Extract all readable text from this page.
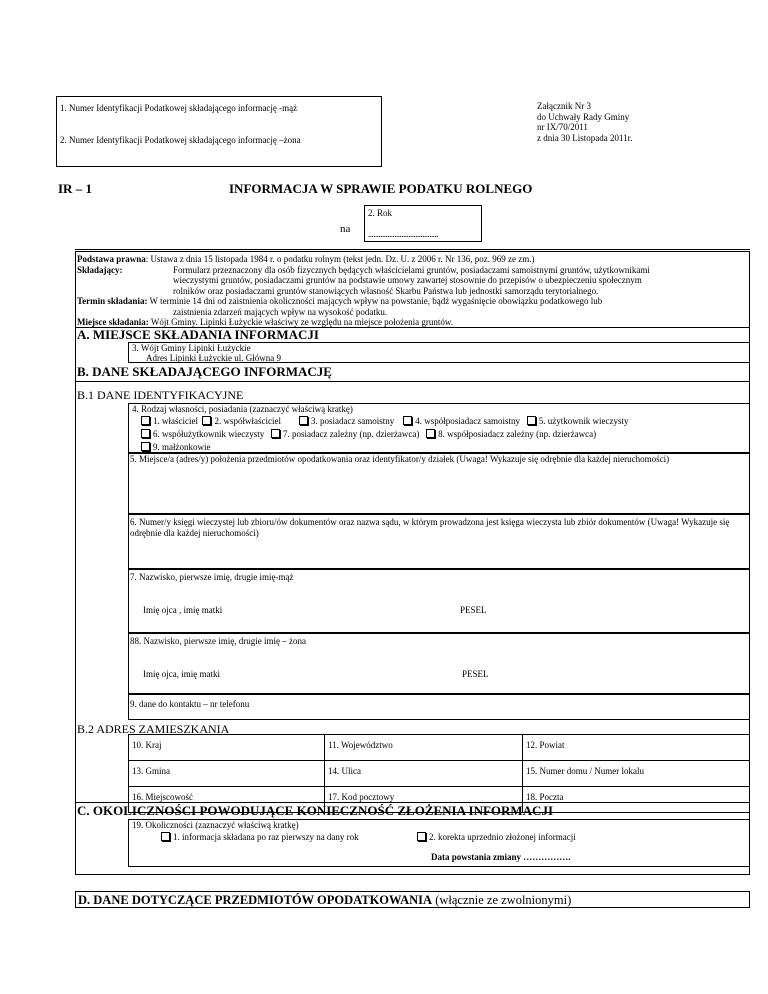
1. Numer Identyfikacji Podatkowej składającego informację -mąż
2. Numer Identyfikacji Podatkowej składającego informację –żona
Załącznik Nr 3
do Uchwały Rady Gminy
nr IX/70/2011
z dnia 30 Listopada 2011r.
IR – 1	INFORMACJA W SPRAWIE PODATKU ROLNEGO
na
2. Rok
........................................
Podstawa prawna: Ustawa z dnia 15 listopada 1984 r. o podatku rolnym (tekst jedn. Dz. U. z 2006 r. Nr 136, poz. 969 ze zm.)
Składający:	Formularz przeznaczony dla osób fizycznych będących właścicielami gruntów, posiadaczami samoistnymi gruntów, użytkownikami
wieczystymi gruntów, posiadaczami gruntów na podstawie umowy zawartej stosownie do przepisów o ubezpieczeniu społecznym
rolników oraz posiadaczami gruntów stanowiących własność Skarbu Państwa lub jednostki samorządu terytorialnego.
Termin składania: W terminie 14 dni od zaistnienia okoliczności mających wpływ na powstanie, bądź wygaśnięcie obowiązku podatkowego lub
zaistnienia zdarzeń mających wpływ na wysokość podatku.
Miejsce składania: Wójt Gminy. Lipinki Łużyckie właściwy ze względu na miejsce położenia gruntów.
A. MIEJSCE SKŁADANIA INFORMACJI
3. Wójt Gminy Lipinki Łużyckie
Adres Lipinki Łużyckie ul. Główna 9
B. DANE SKŁADAJĄCEGO INFORMACJĘ
B.1 DANE IDENTYFIKACYJNE
4. Rodzaj własności, posiadania (zaznaczyć właściwą kratkę)
1. właściciel 2. współwłaściciel	3. posiadacz samoistny 4. współposiadacz samoistny 5. użytkownik wieczysty
6. współużytkownik wieczysty 7. posiadacz zależny (np. dzierżawca) 8. współposiadacz zależny (np. dzierżawca)
9. małżonkowie
5. Miejsce/a (adres/y) położenia przedmiotów opodatkowania oraz identyfikator/y działek (Uwaga! Wykazuje się odrębnie dla każdej nieruchomości)
6. Numer/y księgi wieczystej lub zbioru/ów dokumentów oraz nazwa sądu, w którym prowadzona jest księga wieczysta lub zbiór dokumentów (Uwaga! Wykazuje się odrębnie dla każdej nieruchomości)
7. Nazwisko, pierwsze imię, drugie imię-mąż
Imię ojca , imię matki	PESEL
88. Nazwisko, pierwsze imię, drugie imię – żona
Imię ojca, imię matki	PESEL
9. dane do kontaktu – nr telefonu
B.2 ADRES ZAMIESZKANIA
10. Kraj	11. Województwo	12. Powiat
13. Gmina	14. Ulica	15. Numer domu / Numer lokalu
16. Miejscowość	17. Kod pocztowy	18. Poczta
C. OKOLICZNOŚCI POWODUJĄCE KONIECZNOŚĆ ZŁOŻENIA INFORMACJI
19. Okoliczności (zaznaczyć właściwą kratkę)
1. informacja składana po raz pierwszy na dany rok	2. korekta uprzednio złożonej informacji
Data powstania zmiany …………….
D. DANE DOTYCZĄCE PRZEDMIOTÓW OPODATKOWANIA (włącznie ze zwolnionymi)
